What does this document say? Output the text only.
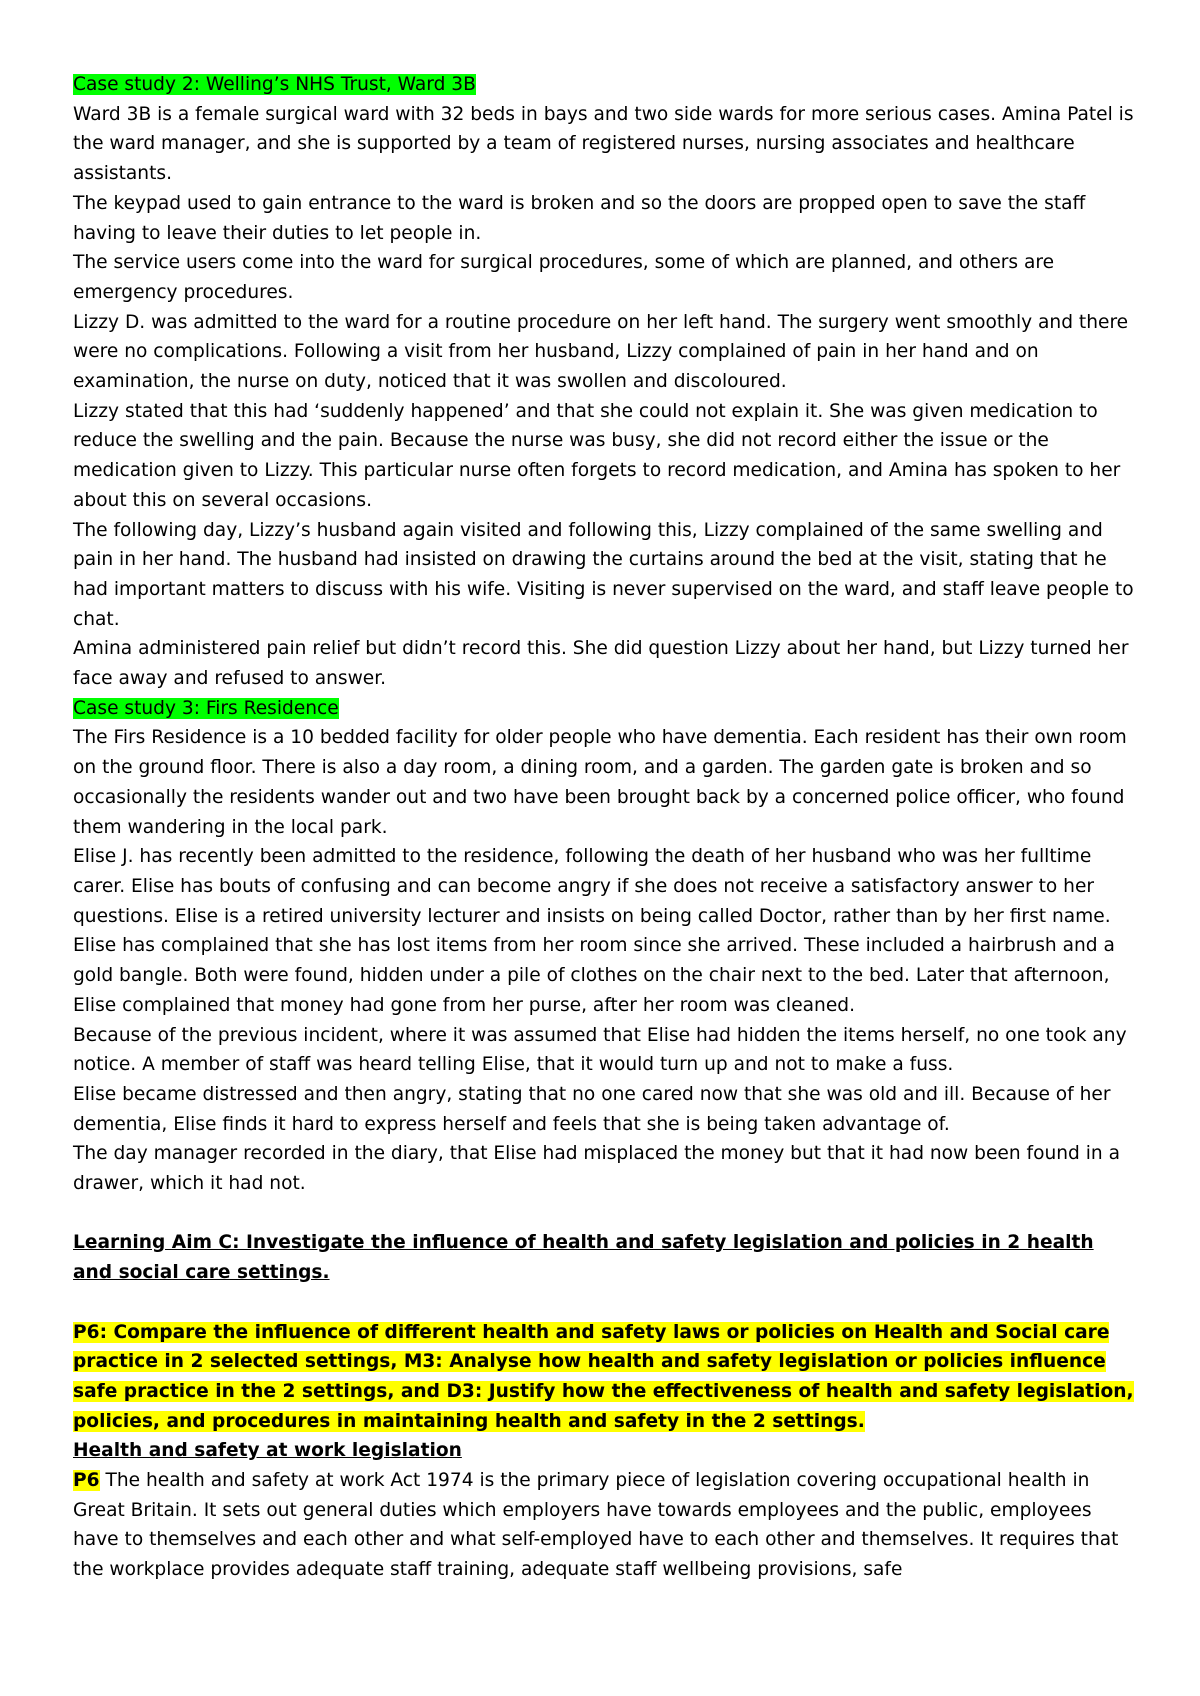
Case study 2: Welling’s NHS Trust, Ward 3B

Ward 3B is a female surgical ward with 32 beds in bays and two side wards for more serious cases. Amina Patel is the ward manager, and she is supported by a team of registered nurses, nursing associates and healthcare assistants.

The keypad used to gain entrance to the ward is broken and so the doors are propped open to save the staff having to leave their duties to let people in.

The service users come into the ward for surgical procedures, some of which are planned, and others are emergency procedures.

Lizzy D. was admitted to the ward for a routine procedure on her left hand. The surgery went smoothly and there were no complications. Following a visit from her husband, Lizzy complained of pain in her hand and on examination, the nurse on duty, noticed that it was swollen and discoloured.

Lizzy stated that this had ‘suddenly happened’ and that she could not explain it. She was given medication to reduce the swelling and the pain. Because the nurse was busy, she did not record either the issue or the medication given to Lizzy. This particular nurse often forgets to record medication, and Amina has spoken to her about this on several occasions.

The following day, Lizzy’s husband again visited and following this, Lizzy complained of the same swelling and pain in her hand. The husband had insisted on drawing the curtains around the bed at the visit, stating that he had important matters to discuss with his wife. Visiting is never supervised on the ward, and staff leave people to chat.

Amina administered pain relief but didn’t record this. She did question Lizzy about her hand, but Lizzy turned her face away and refused to answer.

Case study 3: Firs Residence

The Firs Residence is a 10 bedded facility for older people who have dementia. Each resident has their own room on the ground floor. There is also a day room, a dining room, and a garden. The garden gate is broken and so occasionally the residents wander out and two have been brought back by a concerned police officer, who found them wandering in the local park.

Elise J. has recently been admitted to the residence, following the death of her husband who was her fulltime carer. Elise has bouts of confusing and can become angry if she does not receive a satisfactory answer to her questions. Elise is a retired university lecturer and insists on being called Doctor, rather than by her first name.

Elise has complained that she has lost items from her room since she arrived. These included a hairbrush and a gold bangle. Both were found, hidden under a pile of clothes on the chair next to the bed. Later that afternoon, Elise complained that money had gone from her purse, after her room was cleaned.

Because of the previous incident, where it was assumed that Elise had hidden the items herself, no one took any notice. A member of staff was heard telling Elise, that it would turn up and not to make a fuss.

Elise became distressed and then angry, stating that no one cared now that she was old and ill. Because of her dementia, Elise finds it hard to express herself and feels that she is being taken advantage of.

The day manager recorded in the diary, that Elise had misplaced the money but that it had now been found in a drawer, which it had not.

Learning Aim C: Investigate the influence of health and safety legislation and policies in 2 health and social care settings.

P6: Compare the influence of different health and safety laws or policies on Health and Social care practice in 2 selected settings, M3: Analyse how health and safety legislation or policies influence safe practice in the 2 settings, and D3: Justify how the effectiveness of health and safety legislation, policies, and procedures in maintaining health and safety in the 2 settings.

Health and safety at work legislation

P6 The health and safety at work Act 1974 is the primary piece of legislation covering occupational health in Great Britain. It sets out general duties which employers have towards employees and the public, employees have to themselves and each other and what self-employed have to each other and themselves. It requires that the workplace provides adequate staff training, adequate staff wellbeing provisions, safe
